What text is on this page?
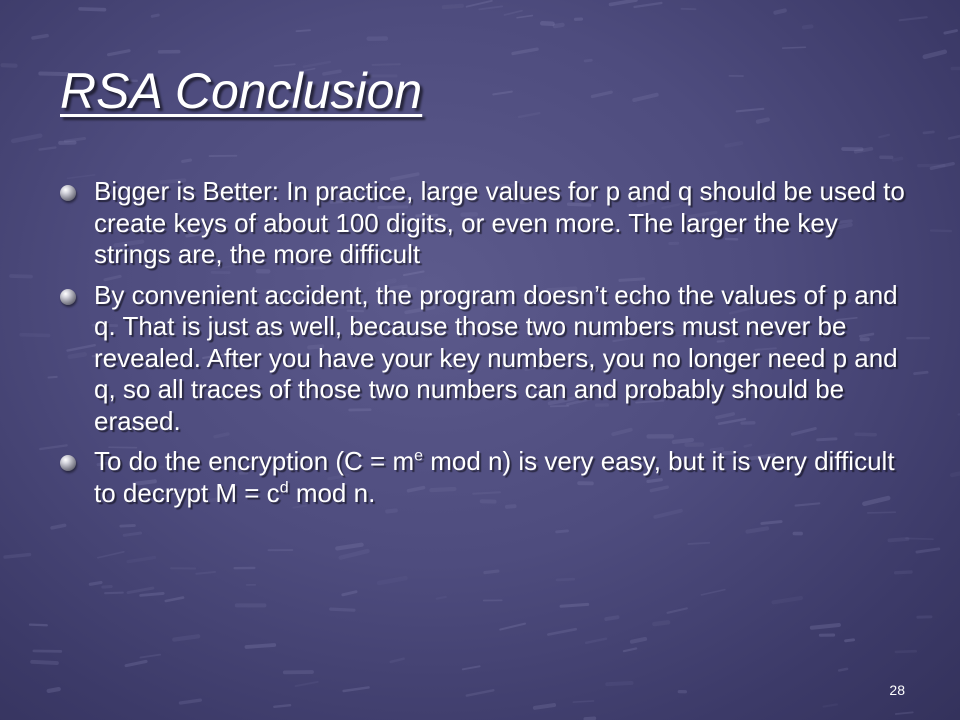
RSA Conclusion
Bigger is Better: In practice, large values for p and q should be used to create keys of about 100 digits, or even more. The larger the key strings are, the more difficult
By convenient accident, the program doesn’t echo the values of p and q. That is just as well, because those two numbers must never be revealed. After you have your key numbers, you no longer need p and q, so all traces of those two numbers can and probably should be erased.
To do the encryption ($C = m^e$ mod n) is very easy, but it is very difficult to decrypt $M = c^d$ mod n.
28
